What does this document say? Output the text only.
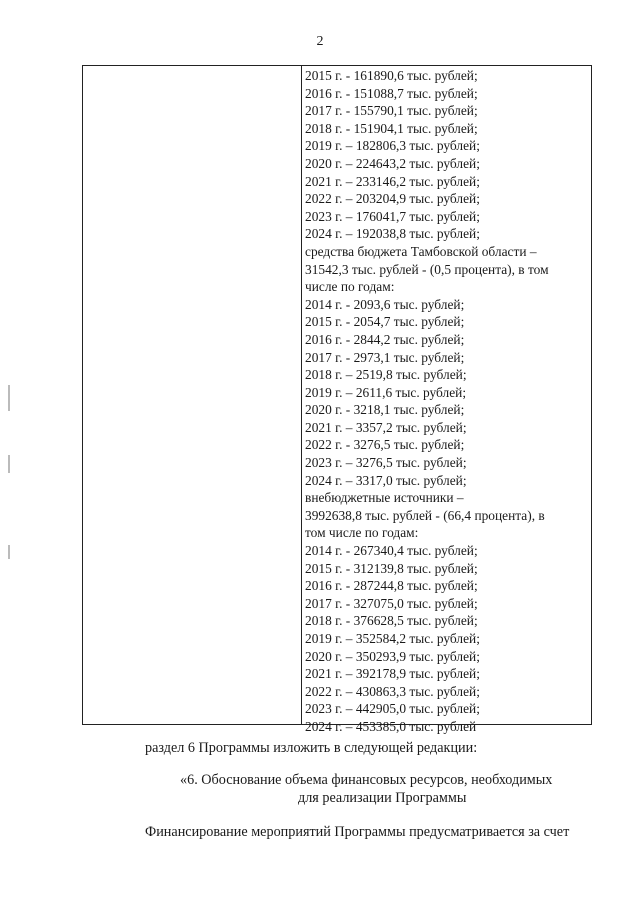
2
2015 г. - 161890,6 тыс. рублей;
2016 г. - 151088,7 тыс. рублей;
2017 г. - 155790,1 тыс. рублей;
2018 г. - 151904,1 тыс. рублей;
2019 г. – 182806,3 тыс. рублей;
2020 г. – 224643,2 тыс. рублей;
2021 г. – 233146,2 тыс. рублей;
2022 г. – 203204,9 тыс. рублей;
2023 г. – 176041,7 тыс. рублей;
2024 г. – 192038,8 тыс. рублей;
средства бюджета Тамбовской области –
31542,3 тыс. рублей - (0,5 процента), в том
числе по годам:
2014 г. - 2093,6 тыс. рублей;
2015 г. - 2054,7 тыс. рублей;
2016 г. - 2844,2 тыс. рублей;
2017 г. - 2973,1 тыс. рублей;
2018 г. – 2519,8 тыс. рублей;
2019 г. – 2611,6 тыс. рублей;
2020 г. - 3218,1 тыс. рублей;
2021 г. – 3357,2 тыс. рублей;
2022 г. - 3276,5 тыс. рублей;
2023 г. – 3276,5 тыс. рублей;
2024 г. – 3317,0 тыс. рублей;
внебюджетные источники –
3992638,8 тыс. рублей - (66,4 процента), в
том числе по годам:
2014 г. - 267340,4 тыс. рублей;
2015 г. - 312139,8 тыс. рублей;
2016 г. - 287244,8 тыс. рублей;
2017 г. - 327075,0 тыс. рублей;
2018 г. - 376628,5 тыс. рублей;
2019 г. – 352584,2 тыс. рублей;
2020 г. – 350293,9 тыс. рублей;
2021 г. – 392178,9 тыс. рублей;
2022 г. – 430863,3 тыс. рублей;
2023 г. – 442905,0 тыс. рублей;
2024 г. – 453385,0 тыс. рублей
раздел 6 Программы изложить в следующей редакции:
«6. Обоснование объема финансовых ресурсов, необходимых
для реализации Программы
Финансирование мероприятий Программы предусматривается за счет
